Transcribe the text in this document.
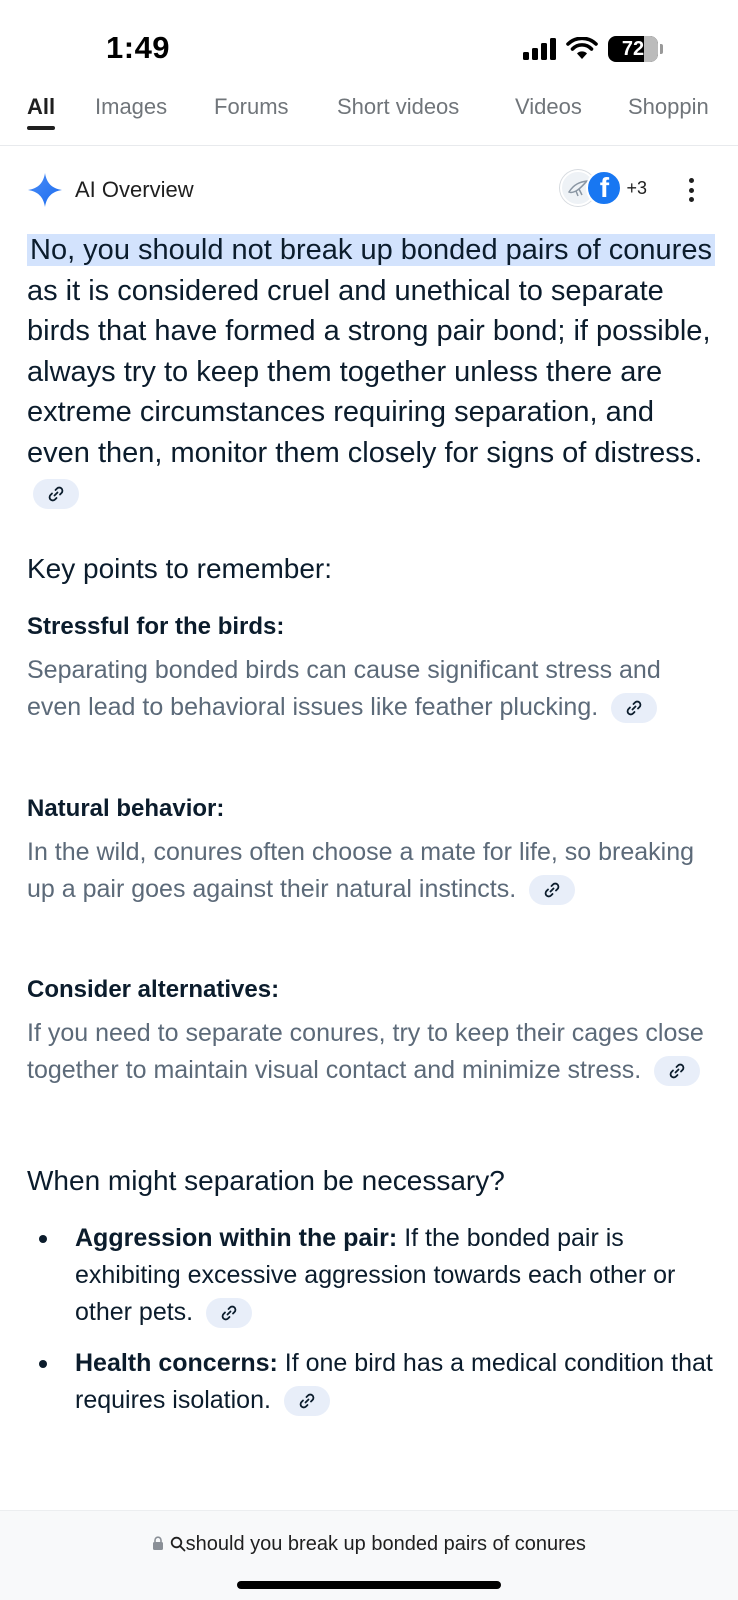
1:49	72
All Images Forums Short videos	Videos Shoppin
AI Overview	f +3
No, you should not break up bonded pairs of conures as it is considered cruel and unethical to separate birds that have formed a strong pair bond; if possible, always try to keep them together unless there are extreme circumstances requiring separation, and even then, monitor them closely for signs of distress.
Key points to remember:
Stressful for the birds:
Separating bonded birds can cause significant stress and even lead to behavioral issues like feather plucking.
Natural behavior:
In the wild, conures often choose a mate for life, so breaking up a pair goes against their natural instincts.
Consider alternatives:
If you need to separate conures, try to keep their cages close together to maintain visual contact and minimize stress.
When might separation be necessary?
Aggression within the pair: If the bonded pair is exhibiting excessive aggression towards each other or other pets.
Health concerns: If one bird has a medical condition that requires isolation.
should you break up bonded pairs of conures
